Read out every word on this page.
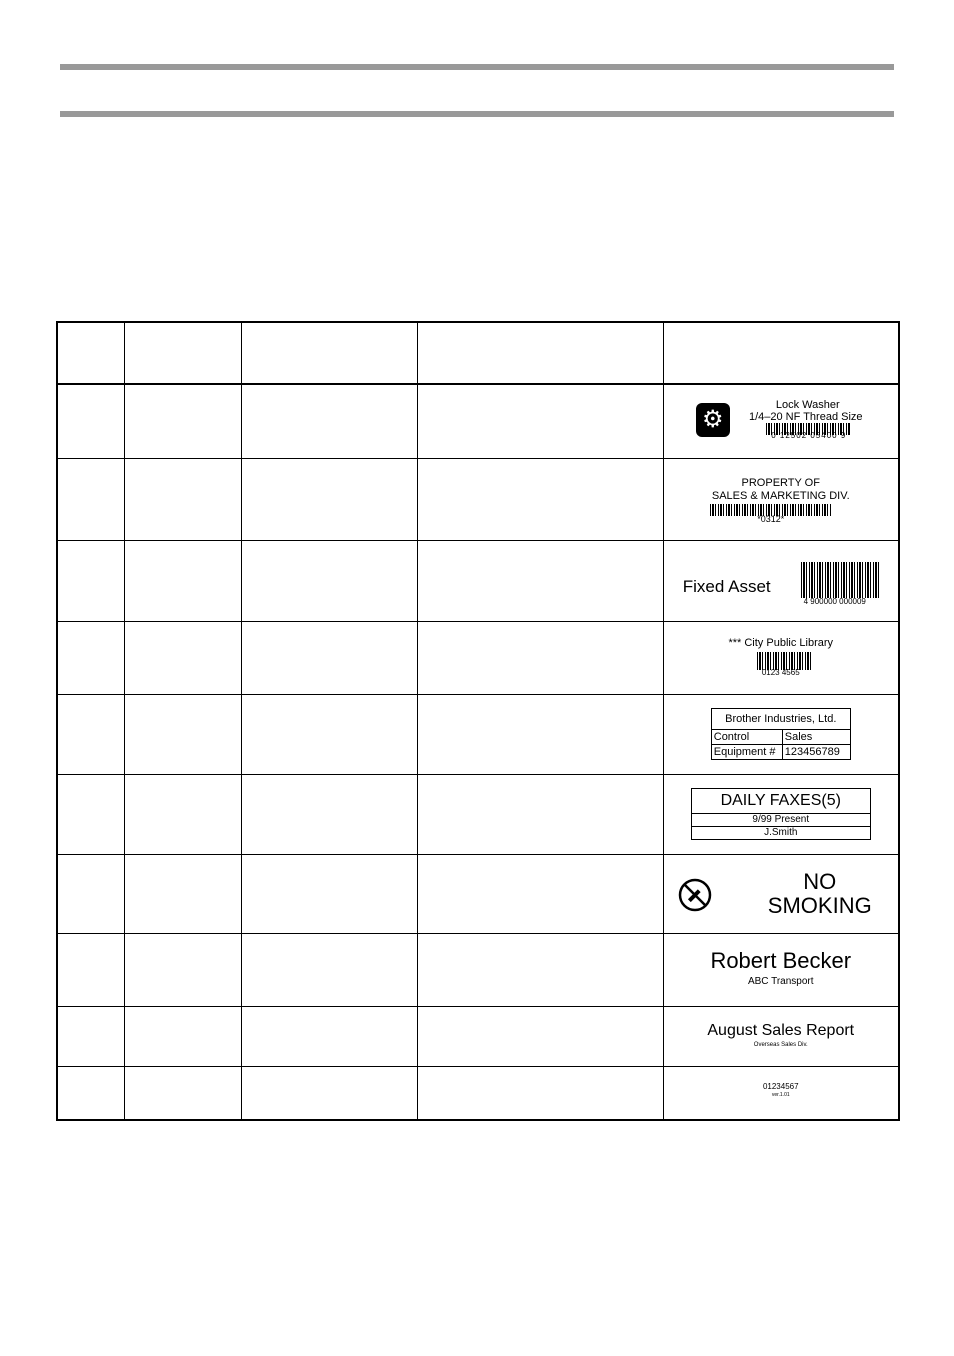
				⚙
Lock Washer
1/4–20 NF Thread Size
0 12502 05400 9

				PROPERTY OF
SALES & MARKETING DIV.
*0312*

				Fixed Asset
4 900000 000009

				*** City Public Library
0123 4565

				Brother Industries, Ltd.
Control Sales
Equipment # 123456789

				DAILY FAXES(5)
9/99 Present
J.Smith

				NO
SMOKING

				Robert Becker
ABC Transport

				August Sales Report
Overseas Sales Div.

				01234567
ver.1.01
